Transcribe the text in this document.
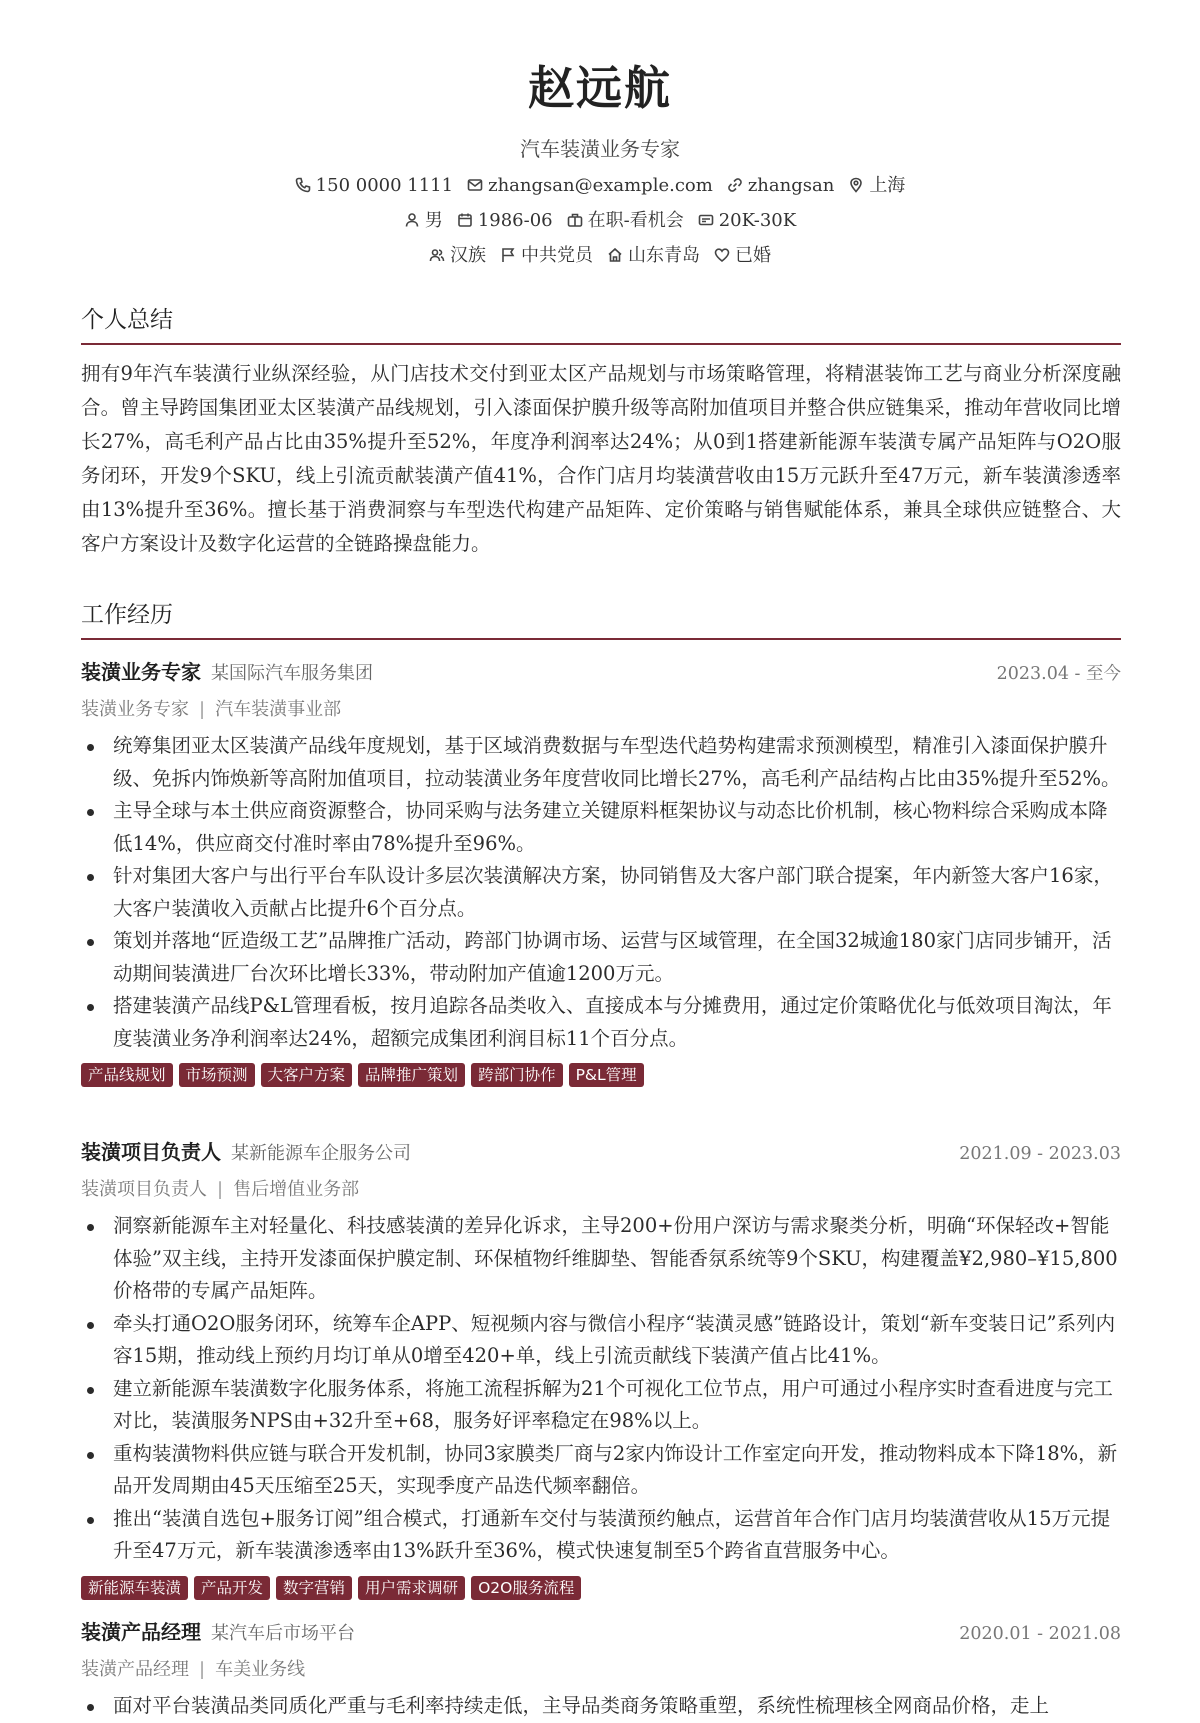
赵远航
汽车装潢业务专家
150 0000 1111 zhangsan@example.com zhangsan 上海
男 1986-06 在职-看机会 20K-30K
汉族 中共党员 山东青岛 已婚
个人总结
拥有9年汽车装潢行业纵深经验，从门店技术交付到亚太区产品规划与市场策略管理，将精湛装饰工艺与商业分析深度融合。曾主导跨国集团亚太区装潢产品线规划，引入漆面保护膜升级等高附加值项目并整合供应链集采，推动年营收同比增长27%，高毛利产品占比由35%提升至52%，年度净利润率达24%；从0到1搭建新能源车装潢专属产品矩阵与O2O服务闭环，开发9个SKU，线上引流贡献装潢产值41%，合作门店月均装潢营收由15万元跃升至47万元，新车装潢渗透率由13%提升至36%。擅长基于消费洞察与车型迭代构建产品矩阵、定价策略与销售赋能体系，兼具全球供应链整合、大客户方案设计及数字化运营的全链路操盘能力。
工作经历
装潢业务专家 某国际汽车服务集团	2023.04 - 至今
装潢业务专家 | 汽车装潢事业部
统筹集团亚太区装潢产品线年度规划，基于区域消费数据与车型迭代趋势构建需求预测模型，精准引入漆面保护膜升级、免拆内饰焕新等高附加值项目，拉动装潢业务年度营收同比增长27%，高毛利产品结构占比由35%提升至52%。
主导全球与本土供应商资源整合，协同采购与法务建立关键原料框架协议与动态比价机制，核心物料综合采购成本降低14%，供应商交付准时率由78%提升至96%。
针对集团大客户与出行平台车队设计多层次装潢解决方案，协同销售及大客户部门联合提案，年内新签大客户16家，大客户装潢收入贡献占比提升6个百分点。
策划并落地“匠造级工艺”品牌推广活动，跨部门协调市场、运营与区域管理，在全国32城逾180家门店同步铺开，活动期间装潢进厂台次环比增长33%，带动附加产值逾1200万元。
搭建装潢产品线P&L管理看板，按月追踪各品类收入、直接成本与分摊费用，通过定价策略优化与低效项目淘汰，年度装潢业务净利润率达24%，超额完成集团利润目标11个百分点。
产品线规划	市场预测	大客户方案	品牌推广策划	跨部门协作	P&L管理
装潢项目负责人 某新能源车企服务公司	2021.09 - 2023.03
装潢项目负责人 | 售后增值业务部
洞察新能源车主对轻量化、科技感装潢的差异化诉求，主导200+份用户深访与需求聚类分析，明确“环保轻改+智能体验”双主线，主持开发漆面保护膜定制、环保植物纤维脚垫、智能香氛系统等9个SKU，构建覆盖¥2,980–¥15,800价格带的专属产品矩阵。
牵头打通O2O服务闭环，统筹车企APP、短视频内容与微信小程序“装潢灵感”链路设计，策划“新车变装日记”系列内容15期，推动线上预约月均订单从0增至420+单，线上引流贡献线下装潢产值占比41%。
建立新能源车装潢数字化服务体系，将施工流程拆解为21个可视化工位节点，用户可通过小程序实时查看进度与完工对比，装潢服务NPS由+32升至+68，服务好评率稳定在98%以上。
重构装潢物料供应链与联合开发机制，协同3家膜类厂商与2家内饰设计工作室定向开发，推动物料成本下降18%，新品开发周期由45天压缩至25天，实现季度产品迭代频率翻倍。
推出“装潢自选包+服务订阅”组合模式，打通新车交付与装潢预约触点，运营首年合作门店月均装潢营收从15万元提升至47万元，新车装潢渗透率由13%跃升至36%，模式快速复制至5个跨省直营服务中心。
新能源车装潢	产品开发	数字营销	用户需求调研	O2O服务流程
装潢产品经理 某汽车后市场平台	2020.01 - 2021.08
装潢产品经理 | 车美业务线
面对平台装潢品类同质化严重与毛利率持续走低，主导品类商务策略重塑，系统性梳理核全网商品价格，走上
